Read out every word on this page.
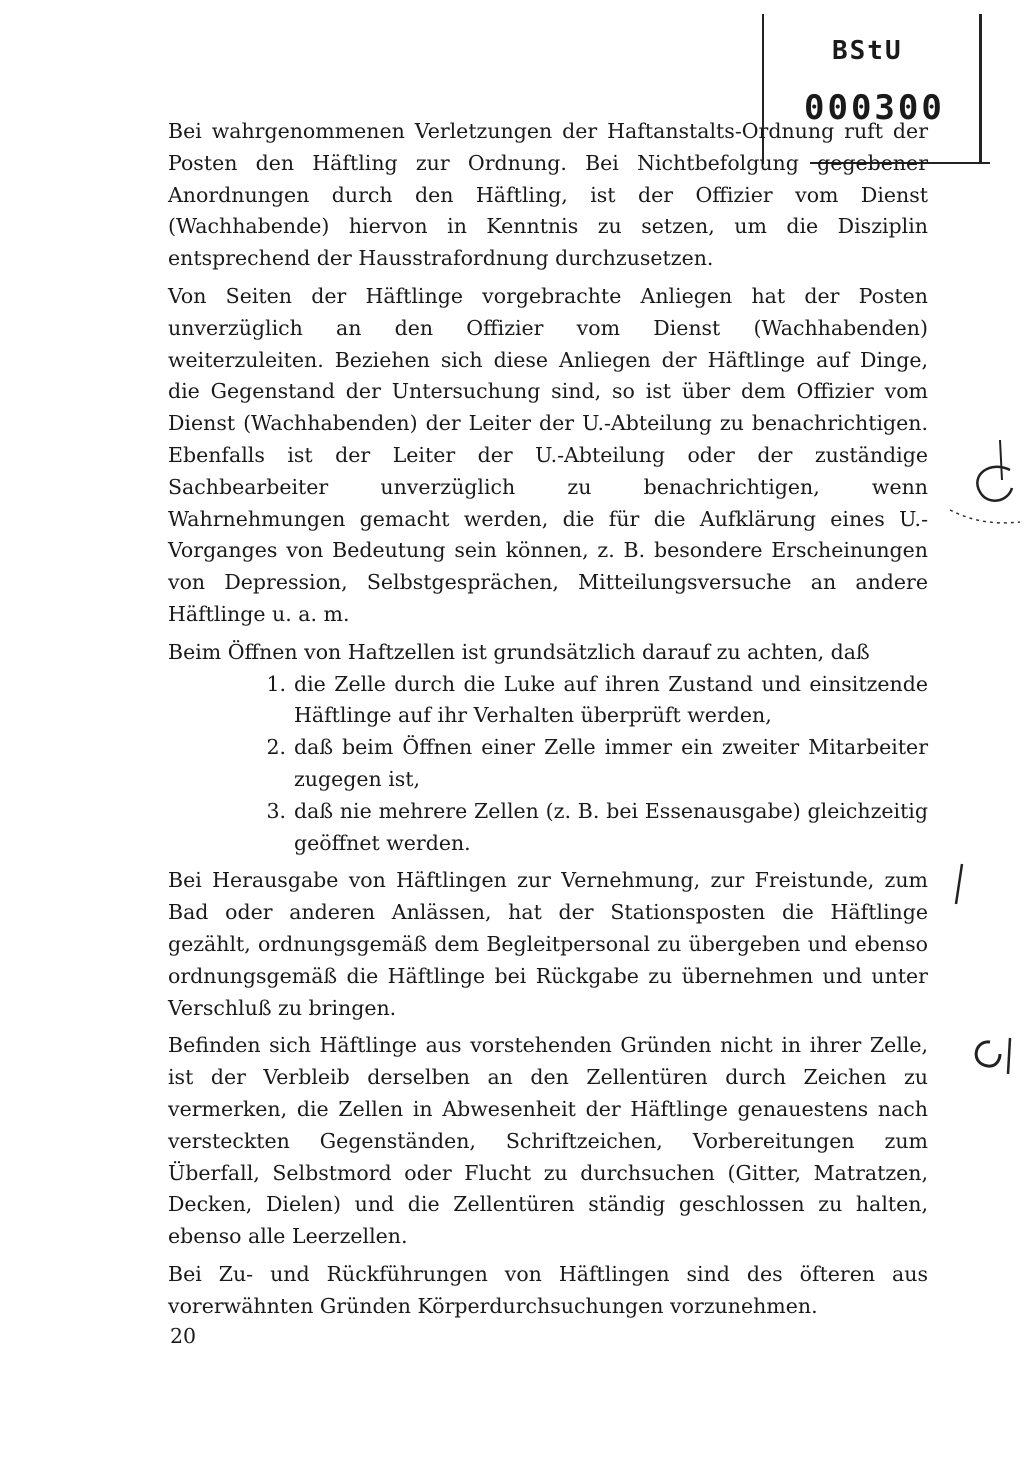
BStU
000300

Bei wahrgenommenen Verletzungen der Haftanstalts-Ordnung ruft der Posten den Häftling zur Ordnung. Bei Nichtbefolgung gegebener Anordnungen durch den Häftling, ist der Offizier vom Dienst (Wachhabende) hiervon in Kenntnis zu setzen, um die Disziplin entsprechend der Hausstrafordnung durchzusetzen.

Von Seiten der Häftlinge vorgebrachte Anliegen hat der Posten unverzüglich an den Offizier vom Dienst (Wachhabenden) weiterzuleiten. Beziehen sich diese Anliegen der Häftlinge auf Dinge, die Gegenstand der Untersuchung sind, so ist über dem Offizier vom Dienst (Wachhabenden) der Leiter der U.-Abteilung zu benachrichtigen. Ebenfalls ist der Leiter der U.-Abteilung oder der zuständige Sachbearbeiter unverzüglich zu benachrichtigen, wenn Wahrnehmungen gemacht werden, die für die Aufklärung eines U.-Vorganges von Bedeutung sein können, z. B. besondere Erscheinungen von Depression, Selbstgesprächen, Mitteilungsversuche an andere Häftlinge u. a. m.

Beim Öffnen von Haftzellen ist grundsätzlich darauf zu achten, daß

1. die Zelle durch die Luke auf ihren Zustand und einsitzende Häftlinge auf ihr Verhalten überprüft werden,
2. daß beim Öffnen einer Zelle immer ein zweiter Mitarbeiter zugegen ist,
3. daß nie mehrere Zellen (z. B. bei Essenausgabe) gleichzeitig geöffnet werden.

Bei Herausgabe von Häftlingen zur Vernehmung, zur Freistunde, zum Bad oder anderen Anlässen, hat der Stationsposten die Häftlinge gezählt, ordnungsgemäß dem Begleitpersonal zu übergeben und ebenso ordnungsgemäß die Häftlinge bei Rückgabe zu übernehmen und unter Verschluß zu bringen.

Befinden sich Häftlinge aus vorstehenden Gründen nicht in ihrer Zelle, ist der Verbleib derselben an den Zellentüren durch Zeichen zu vermerken, die Zellen in Abwesenheit der Häftlinge genauestens nach versteckten Gegenständen, Schriftzeichen, Vorbereitungen zum Überfall, Selbstmord oder Flucht zu durchsuchen (Gitter, Matratzen, Decken, Dielen) und die Zellentüren ständig geschlossen zu halten, ebenso alle Leerzellen.

Bei Zu- und Rückführungen von Häftlingen sind des öfteren aus vorerwähnten Gründen Körperdurchsuchungen vorzunehmen.

20
